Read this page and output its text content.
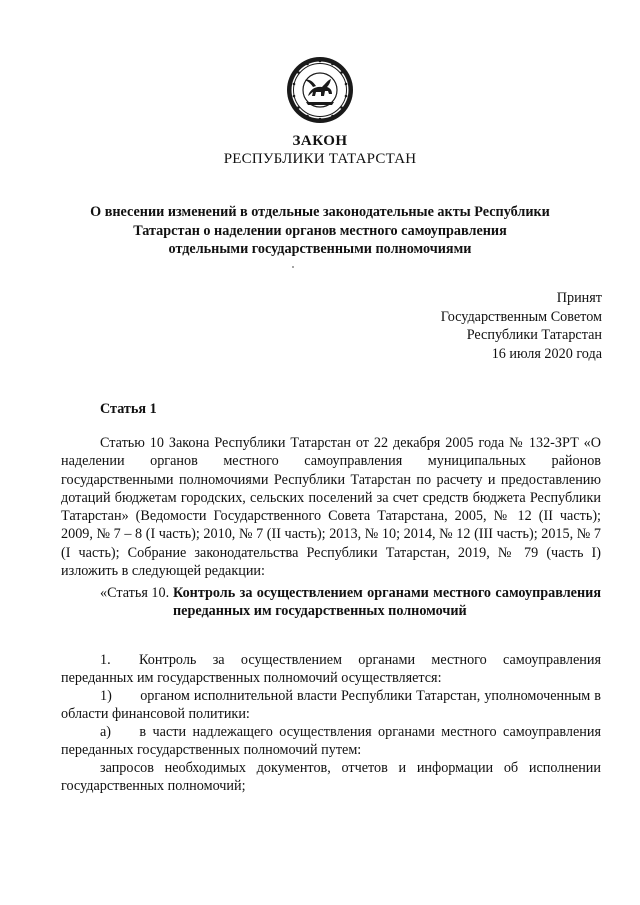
ЗАКОН
РЕСПУБЛИКИ ТАТАРСТАН
О внесении изменений в отдельные законодательные акты Республики
Татарстан о наделении органов местного самоуправления
отдельными государственными полномочиями
Принят
Государственным Советом
Республики Татарстан
16 июля 2020 года
Статья 1
Статью 10 Закона Республики Татарстан от 22 декабря 2005 года № 132-ЗРТ «О наделении органов местного самоуправления муниципальных районов государственными полномочиями Республики Татарстан по расчету и предоставлению дотаций бюджетам городских, сельских поселений за счет средств бюджета Республики Татарстан» (Ведомости Государственного Совета Татарстана, 2005, № 12 (II часть); 2009, № 7 – 8 (I часть); 2010, № 7 (II часть); 2013, № 10; 2014, № 12 (III часть); 2015, № 7 (I часть); Собрание законодательства Республики Татарстан, 2019, № 79 (часть I) изложить в следующей редакции:
«Статья 10. Контроль за осуществлением органами местного самоуправления переданных им государственных полномочий
1.  Контроль за осуществлением органами местного самоуправления переданных им государственных полномочий осуществляется:
1)  органом исполнительной власти Республики Татарстан, уполномоченным в области финансовой политики:
а)  в части надлежащего осуществления органами местного самоуправления переданных государственных полномочий путем:
запросов необходимых документов, отчетов и информации об исполнении государственных полномочий;
